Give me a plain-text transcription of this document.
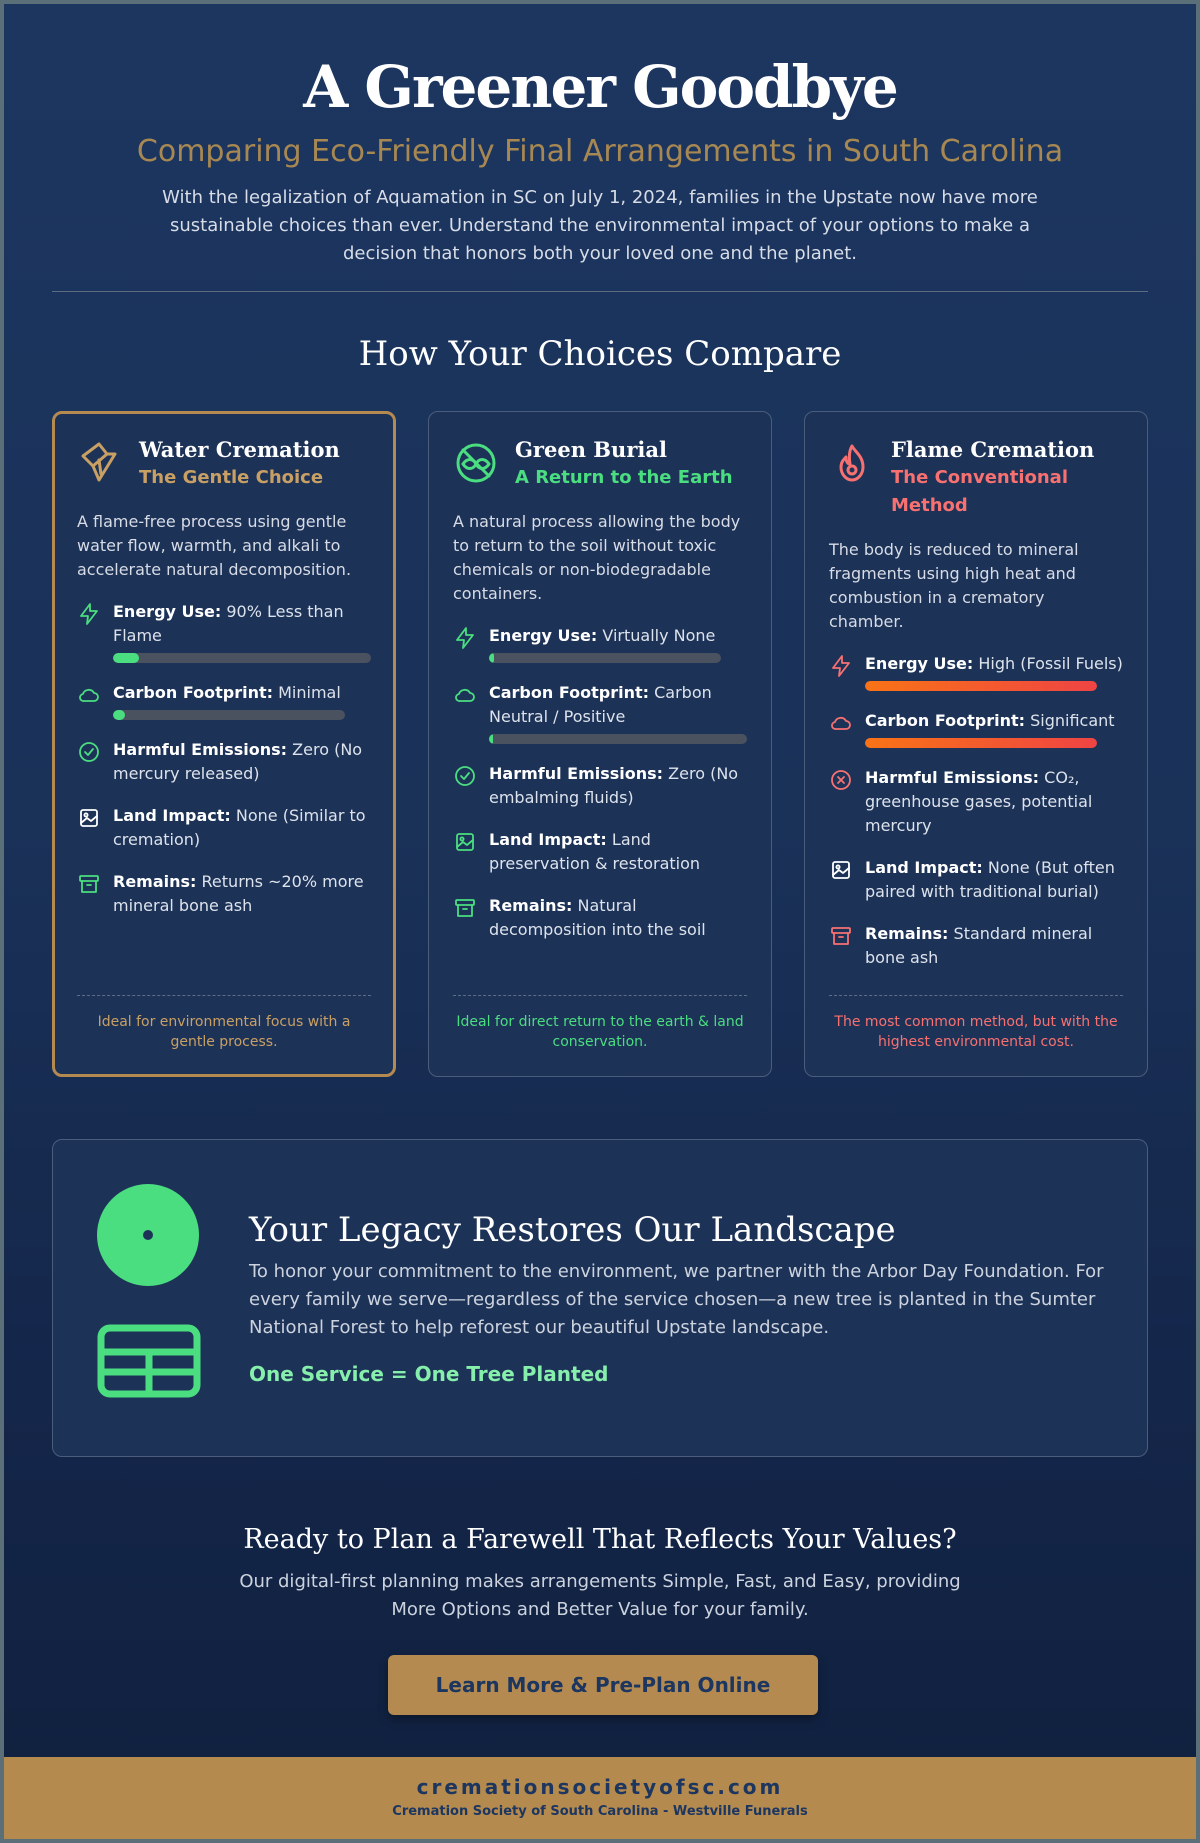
A Greener Goodbye
Comparing Eco-Friendly Final Arrangements in South Carolina
With the legalization of Aquamation in SC on July 1, 2024, families in the Upstate now have more sustainable choices than ever. Understand the environmental impact of your options to make a decision that honors both your loved one and the planet.
How Your Choices Compare
Water Cremation
The Gentle Choice
A flame-free process using gentle water flow, warmth, and alkali to accelerate natural decomposition.
Energy Use: 90% Less than Flame
Carbon Footprint: Minimal
Harmful Emissions: Zero (No mercury released)
Land Impact: None (Similar to cremation)
Remains: Returns ~20% more mineral bone ash
Ideal for environmental focus with a gentle process.
Green Burial
A Return to the Earth
A natural process allowing the body to return to the soil without toxic chemicals or non-biodegradable containers.
Energy Use: Virtually None
Carbon Footprint: Carbon Neutral / Positive
Harmful Emissions: Zero (No embalming fluids)
Land Impact: Land preservation & restoration
Remains: Natural decomposition into the soil
Ideal for direct return to the earth & land conservation.
Flame Cremation
The Conventional Method
The body is reduced to mineral fragments using high heat and combustion in a crematory chamber.
Energy Use: High (Fossil Fuels)
Carbon Footprint: Significant
Harmful Emissions: CO₂, greenhouse gases, potential mercury
Land Impact: None (But often paired with traditional burial)
Remains: Standard mineral bone ash
The most common method, but with the highest environmental cost.
Your Legacy Restores Our Landscape
To honor your commitment to the environment, we partner with the Arbor Day Foundation. For every family we serve—regardless of the service chosen—a new tree is planted in the Sumter National Forest to help reforest our beautiful Upstate landscape.
One Service = One Tree Planted
Ready to Plan a Farewell That Reflects Your Values?
Our digital-first planning makes arrangements Simple, Fast, and Easy, providing More Options and Better Value for your family.
Learn More & Pre-Plan Online
cremationsocietyofsc.com
Cremation Society of South Carolina - Westville Funerals
